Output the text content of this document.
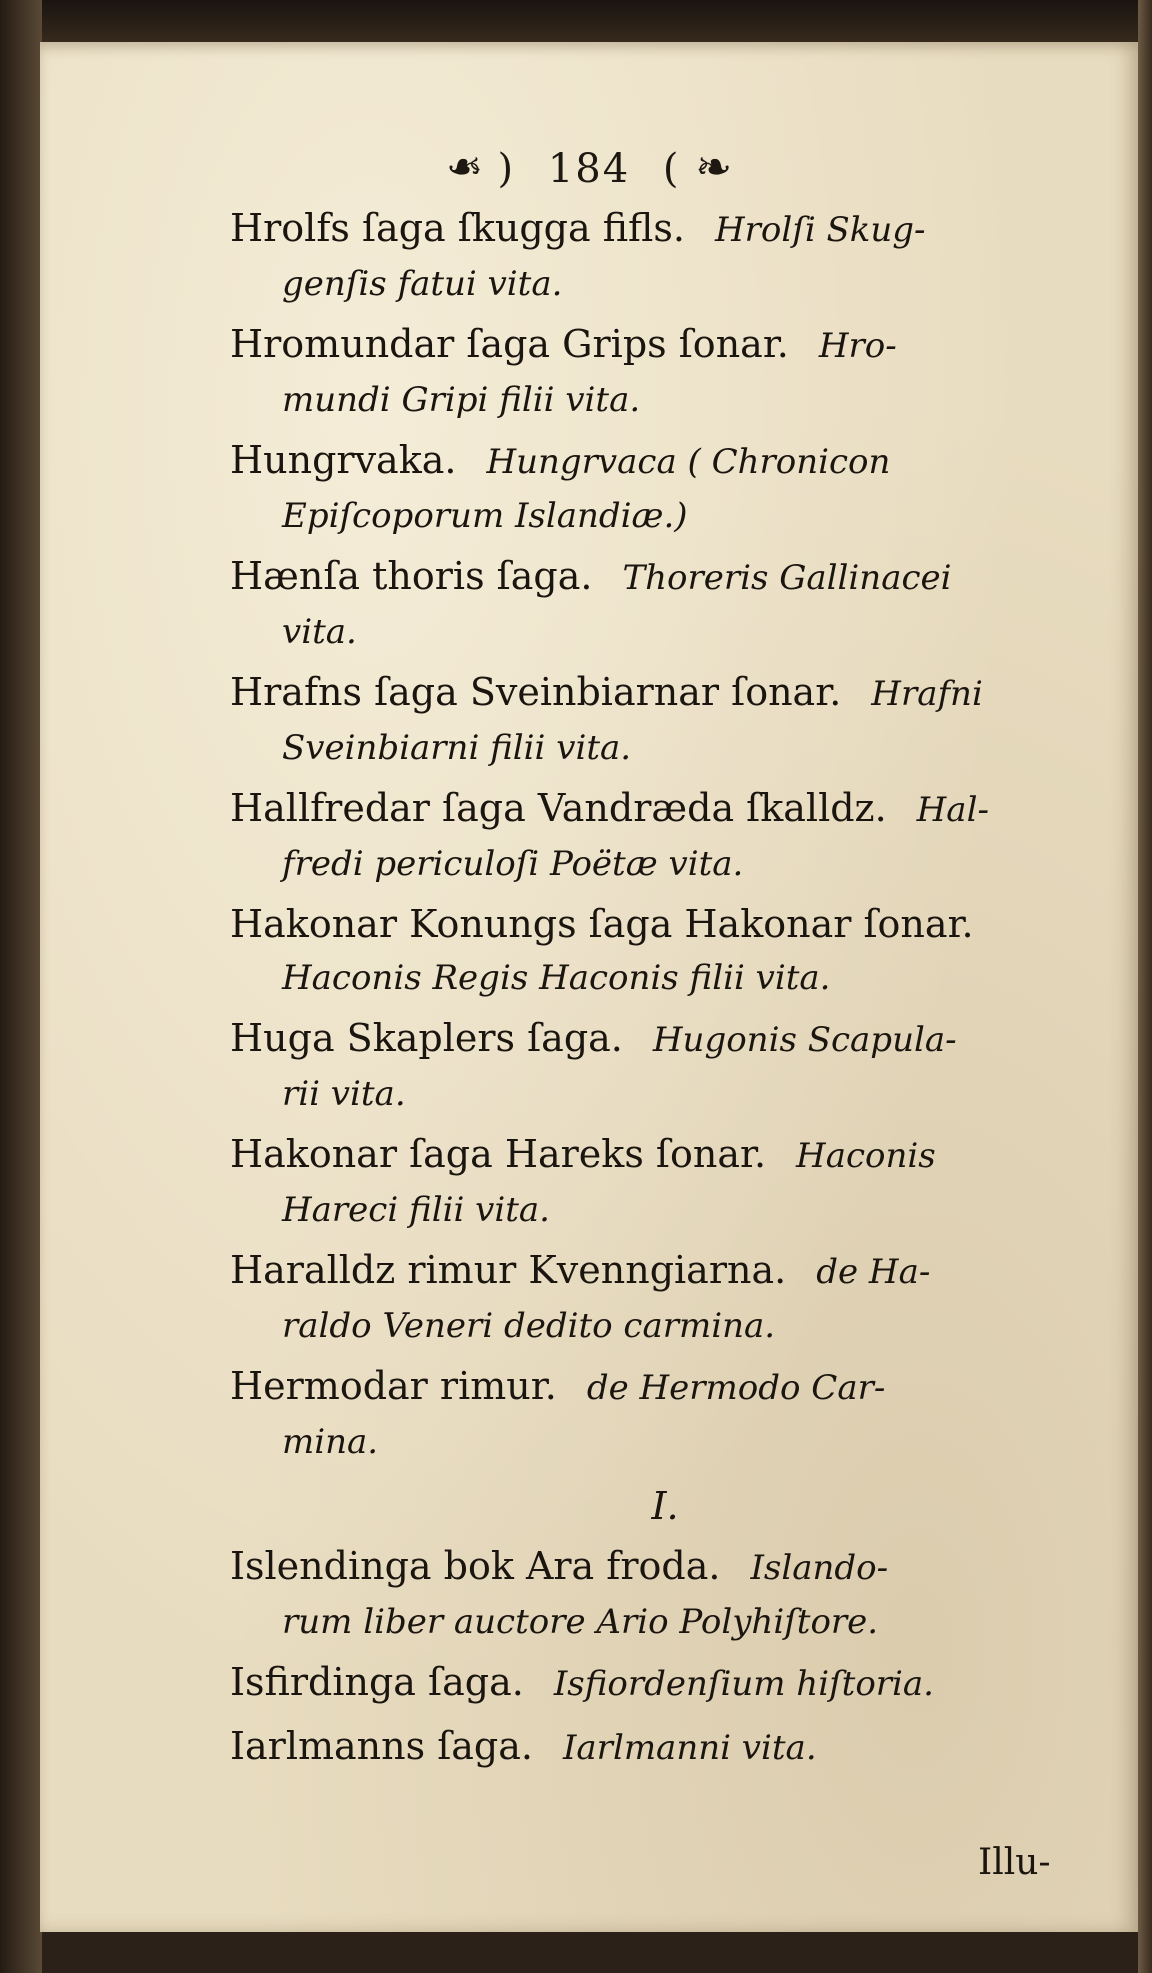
❧ ) 184 ( ❧
Hrolfs ſaga ſkugga fifls. Hrolſi Skug-
genſis fatui vita.
Hromundar ſaga Grips ſonar. Hro-
mundi Gripi filii vita.
Hungrvaka. Hungrvaca ( Chronicon
Epiſcoporum Islandiæ.)
Hænſa thoris ſaga. Thoreris Gallinacei
vita.
Hrafns ſaga Sveinbiarnar ſonar. Hrafni
Sveinbiarni filii vita.
Hallfredar ſaga Vandræda ſkalldz. Hal-
fredi periculoſi Poëtæ vita.
Hakonar Konungs ſaga Hakonar ſonar.
Haconis Regis Haconis filii vita.
Huga Skaplers ſaga. Hugonis Scapula-
rii vita.
Hakonar ſaga Hareks ſonar. Haconis
Hareci filii vita.
Haralldz rimur Kvenngiarna. de Ha-
raldo Veneri dedito carmina.
Hermodar rimur. de Hermodo Car-
mina.
I.
Islendinga bok Ara froda. Islando-
rum liber auctore Ario Polyhiſtore.
Isfirdinga ſaga. Isfiordenſium hiſtoria.
Iarlmanns ſaga. Iarlmanni vita.
Illu-
